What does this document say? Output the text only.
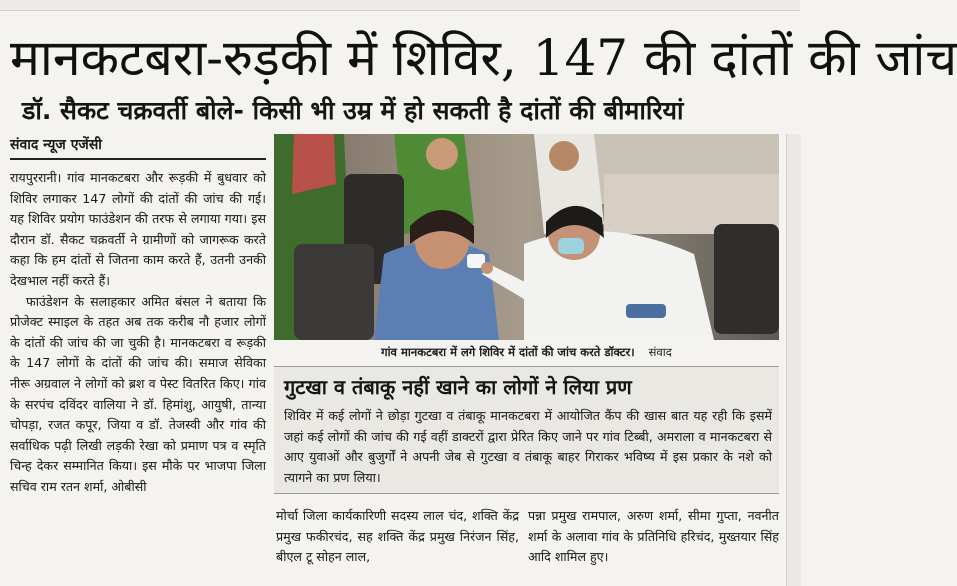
मानकटबरा-रुड़की में शिविर, 147 की दांतों की जांच
डॉ. सैकट चक्रवर्ती बोले- किसी भी उम्र में हो सकती है दांतों की बीमारियां
संवाद न्यूज एजेंसी

रायपुररानी। गांव मानकटबरा और रूड़की में बुधवार को शिविर लगाकर 147 लोगों की दांतों की जांच की गई। यह शिविर प्रयोग फाउंडेशन की तरफ से लगाया गया। इस दौरान डॉ. सैकट चक्रवर्ती ने ग्रामीणों को जागरूक करते कहा कि हम दांतों से जितना काम करते हैं, उतनी उनकी देखभाल नहीं करते हैं।

फाउंडेशन के सलाहकार अमित बंसल ने बताया कि प्रोजेक्ट स्माइल के तहत अब तक करीब नौ हजार लोगों के दांतों की जांच की जा चुकी है। मानकटबरा व रूड़की के 147 लोगों के दांतों की जांच की। समाज सेविका नीरू अग्रवाल ने लोगों को ब्रश व पेस्ट वितरित किए। गांव के सरपंच दविंदर वालिया ने डॉ. हिमांशु, आयुषी, तान्या चोपड़ा, रजत कपूर, जिया व डॉ. तेजस्वी और गांव की सर्वाधिक पढ़ी लिखी लड़की रेखा को प्रमाण पत्र व स्मृति चिन्ह देकर सम्मानित किया। इस मौके पर भाजपा जिला सचिव राम रतन शर्मा, ओबीसी

गांव मानकटबरा में लगे शिविर में दांतों की जांच करते डॉक्टर। संवाद
गुटखा व तंबाकू नहीं खाने का लोगों ने लिया प्रण
शिविर में कई लोगों ने छोड़ा गुटखा व तंबाकू मानकटबरा में आयोजित कैंप की खास बात यह रही कि इसमें जहां कई लोगों की जांच की गई वहीं डाक्टरों द्वारा प्रेरित किए जाने पर गांव टिब्बी, अमराला व मानकटबरा से आए युवाओं और बुजुर्गों ने अपनी जेब से गुटखा व तंबाकू बाहर गिराकर भविष्य में इस प्रकार के नशे को त्यागने का प्रण लिया।
मोर्चा जिला कार्यकारिणी सदस्य लाल चंद, शक्ति केंद्र प्रमुख फकीरचंद, सह शक्ति केंद्र प्रमुख निरंजन सिंह, बीएल टू सोहन लाल,
पन्ना प्रमुख रामपाल, अरुण शर्मा, सीमा गुप्ता, नवनीत शर्मा के अलावा गांव के प्रतिनिधि हरिचंद, मुख्तयार सिंह आदि शामिल हुए।
